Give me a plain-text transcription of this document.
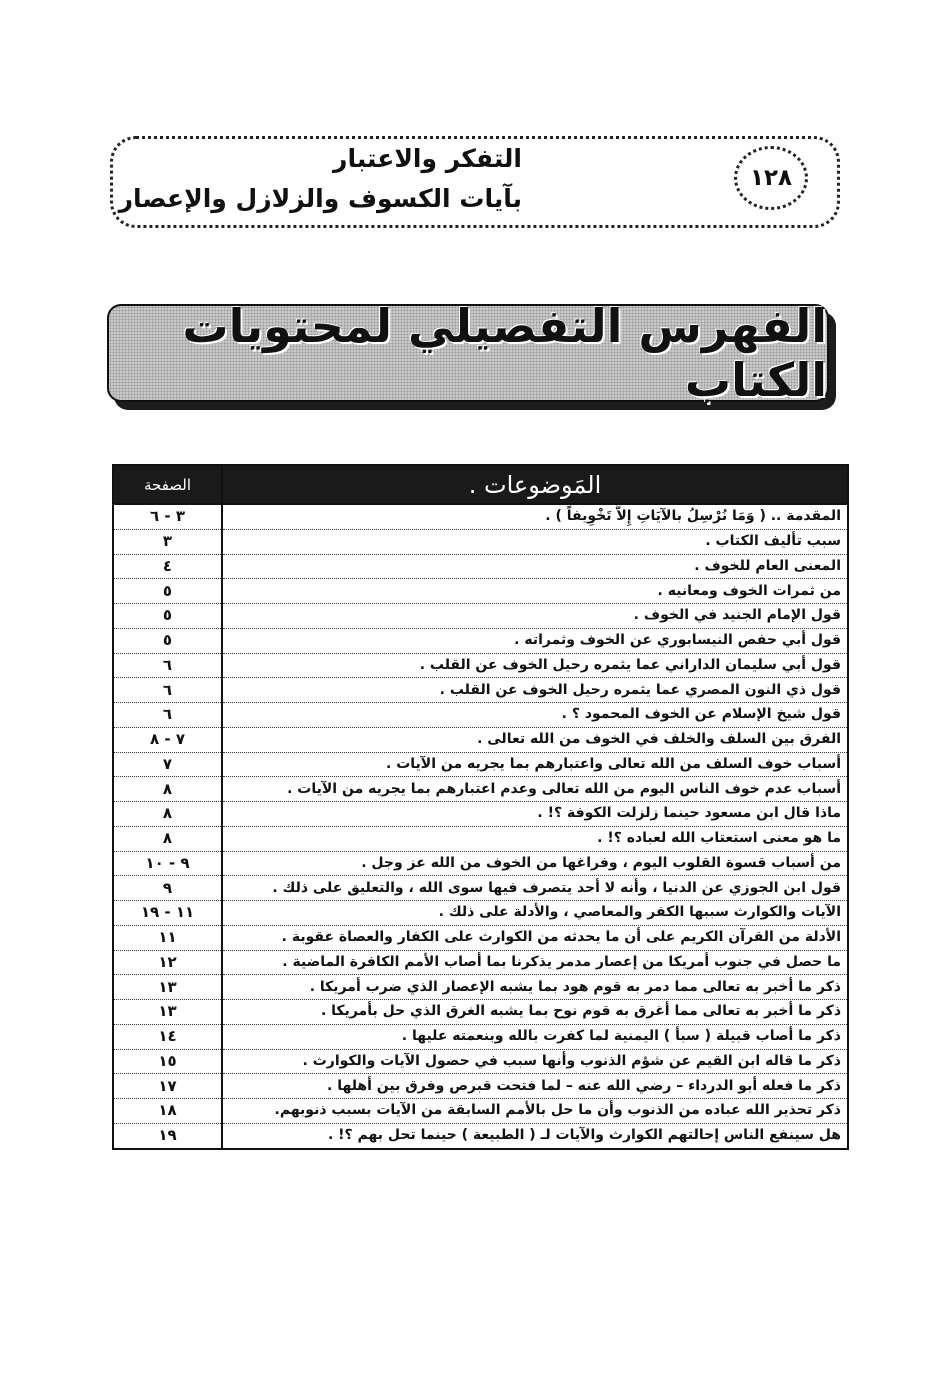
التفكر والاعتبار
بآيات الكسوف والزلازل والإعصار
١٢٨
الفهرس التفصيلي لمحتويات الكتاب
المَوضوعات .	الصفحة
المقدمة .. ( وَمَا نُرْسِلُ بالآيَاتِ إِلاَّ تَخْوِيفاً ) .	٣ - ٦
سبب تأليف الكتاب .	٣
المعنى العام للخوف .	٤
من ثمرات الخوف ومعانيه .	٥
قول الإمام الجنيد في الخوف .	٥
قول أبي حفص النيسابوري عن الخوف وثمراته .	٥
قول أبي سليمان الداراني عما يثمره رحيل الخوف عن القلب .	٦
قول ذي النون المصري عما يثمره رحيل الخوف عن القلب .	٦
قول شيخ الإسلام عن الخوف المحمود ؟ .	٦
الفرق بين السلف والخلف في الخوف من الله تعالى .	٧ - ٨
أسباب خوف السلف من الله تعالى واعتبارهم بما يجريه من الآيات .	٧
أسباب عدم خوف الناس اليوم من الله تعالى وعدم اعتبارهم بما يجريه من الآيات .	٨
ماذا قال ابن مسعود حينما زلزلت الكوفة ؟! .	٨
ما هو معنى استعتاب الله لعباده ؟! .	٨
من أسباب قسوة القلوب اليوم ، وفراغها من الخوف من الله عز وجل .	٩ - ١٠
قول ابن الجوزي عن الدنيا ، وأنه لا أحد يتصرف فيها سوى الله ، والتعليق على ذلك .	٩
الآيات والكوارث سببها الكفر والمعاصي ، والأدلة على ذلك .	١١ - ١٩
الأدلة من القرآن الكريم على أن ما يحدثه من الكوارث على الكفار والعصاة عقوبة .	١١
ما حصل في جنوب أمريكا من إعصار مدمر يذكرنا بما أصاب الأمم الكافرة الماضية .	١٢
ذكر ما أخبر به تعالى مما دمر به قوم هود بما يشبه الإعصار الذي ضرب أمريكا .	١٣
ذكر ما أخبر به تعالى مما أغرق به قوم نوح بما يشبه الغرق الذي حل بأمريكا .	١٣
ذكر ما أصاب قبيلة ( سبأ ) اليمنية لما كفرت بالله وبنعمته عليها .	١٤
ذكر ما قاله ابن القيم عن شؤم الذنوب وأنها سبب في حصول الآيات والكوارث .	١٥
ذكر ما فعله أبو الدرداء – رضي الله عنه – لما فتحت قبرص وفرق بين أهلها .	١٧
ذكر تحذير الله عباده من الذنوب وأن ما حل بالأمم السابقة من الآيات بسبب ذنوبهم.	١٨
هل سينفع الناس إحالتهم الكوارث والآيات لـ ( الطبيعة ) حينما تحل بهم ؟! .	١٩
